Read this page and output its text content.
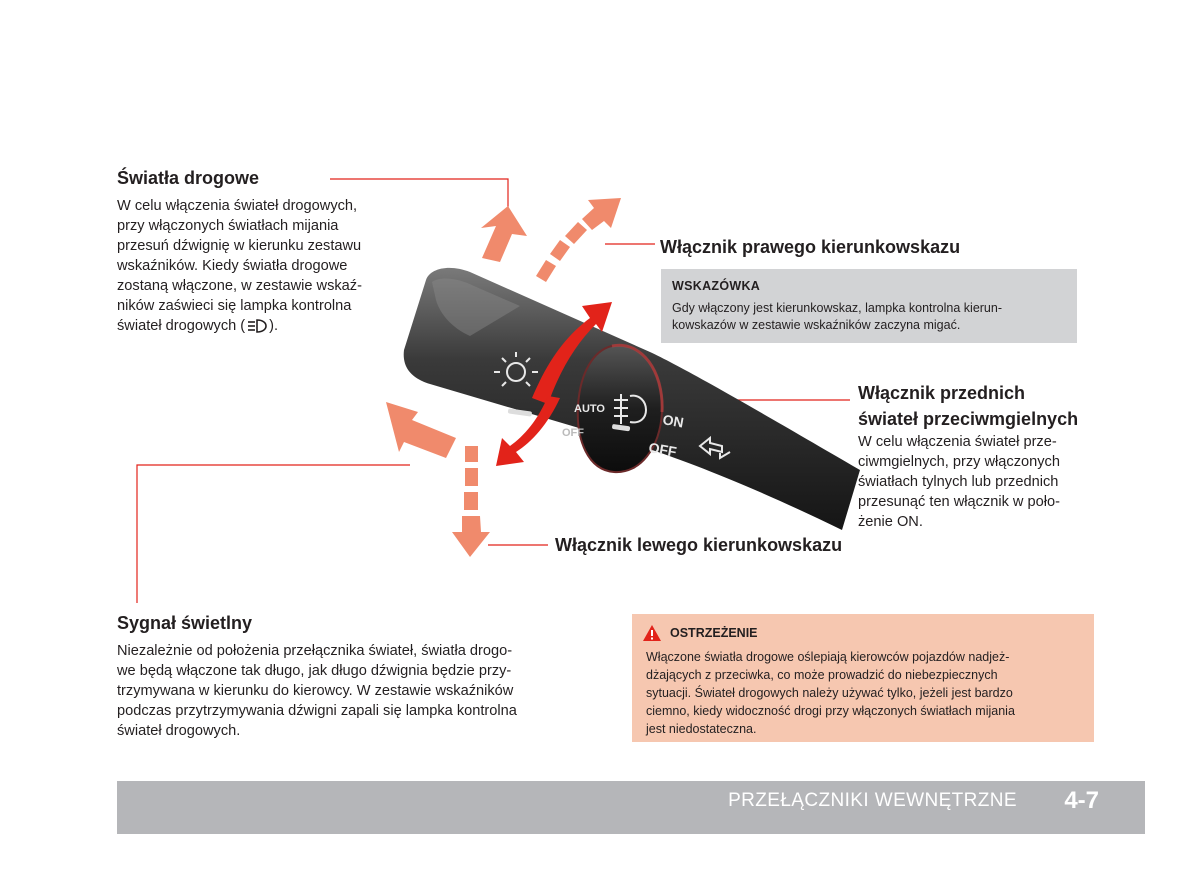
AUTO
OFF
ON
OFF
Światła drogowe
W celu włączenia świateł drogowych,
przy włączonych światłach mijania
przesuń dźwignię w kierunku zestawu
wskaźników. Kiedy światła drogowe
zostaną włączone, w zestawie wskaź-
ników zaświeci się lampka kontrolna
świateł drogowych ( ).
Włącznik prawego kierunkowskazu
WSKAZÓWKA
Gdy włączony jest kierunkowskaz, lampka kontrolna kierun-
kowskazów w zestawie wskaźników zaczyna migać.
Włącznik przednich
świateł przeciwmgielnych
W celu włączenia świateł prze-
ciwmgielnych, przy włączonych
światłach tylnych lub przednich
przesunąć ten włącznik w poło-
żenie ON.
Włącznik lewego kierunkowskazu
Sygnał świetlny
Niezależnie od położenia przełącznika świateł, światła drogo-
we będą włączone tak długo, jak długo dźwignia będzie przy-
trzymywana w kierunku do kierowcy. W zestawie wskaźników
podczas przytrzymywania dźwigni zapali się lampka kontrolna
świateł drogowych.
OSTRZEŻENIE
Włączone światła drogowe oślepiają kierowców pojazdów nadjeż-
dżających z przeciwka, co może prowadzić do niebezpiecznych
sytuacji. Świateł drogowych należy używać tylko, jeżeli jest bardzo
ciemno, kiedy widoczność drogi przy włączonych światłach mijania
jest niedostateczna.
PRZEŁĄCZNIKI WEWNĘTRZNE 4-7
